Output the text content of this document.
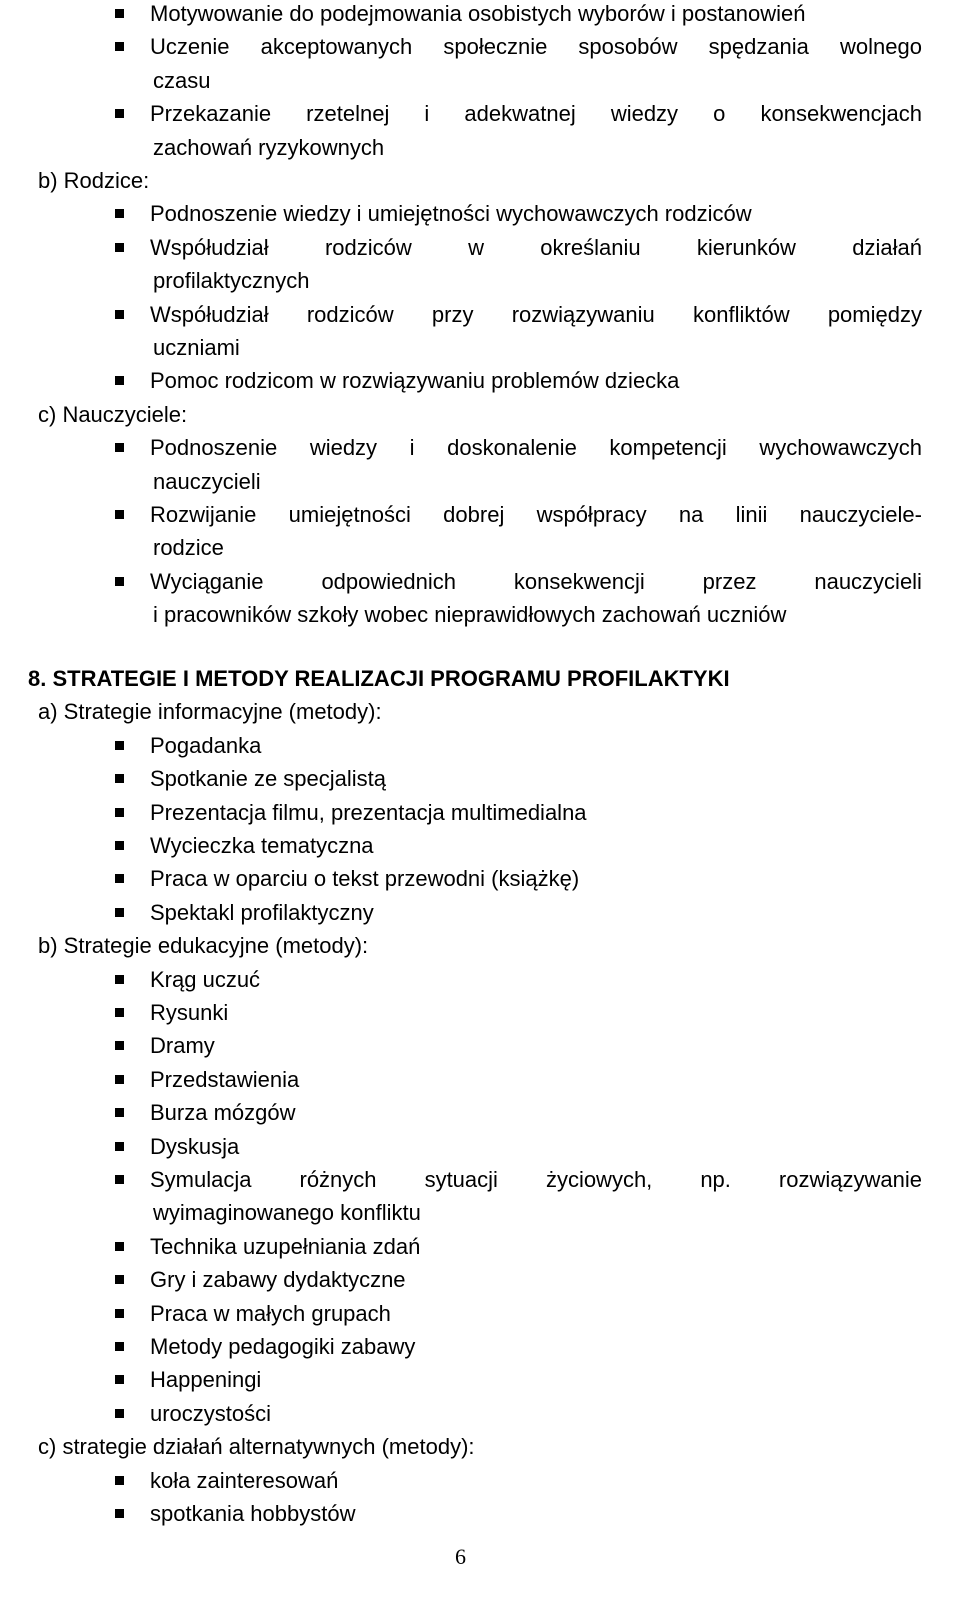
Motywowanie do podejmowania osobistych wyborów i postanowień
Uczenie akceptowanych społecznie sposobów spędzania wolnego
czasu
Przekazanie rzetelnej i adekwatnej wiedzy o konsekwencjach
zachowań ryzykownych
b) Rodzice:
Podnoszenie wiedzy i umiejętności wychowawczych rodziców
Współudział	rodziców	w	określaniu	kierunków	działań
profilaktycznych
Współudział rodziców przy rozwiązywaniu konfliktów pomiędzy
uczniami
Pomoc rodzicom w rozwiązywaniu problemów dziecka
c) Nauczyciele:
Podnoszenie wiedzy i doskonalenie kompetencji wychowawczych
nauczycieli
Rozwijanie umiejętności dobrej współpracy na linii nauczyciele-
rodzice
Wyciąganie	odpowiednich	konsekwencji	przez	nauczycieli
i pracowników szkoły wobec nieprawidłowych zachowań uczniów
8. STRATEGIE I METODY REALIZACJI PROGRAMU PROFILAKTYKI
a) Strategie informacyjne (metody):
Pogadanka
Spotkanie ze specjalistą
Prezentacja filmu, prezentacja multimedialna
Wycieczka tematyczna
Praca w oparciu o tekst przewodni (książkę)
Spektakl profilaktyczny
b) Strategie edukacyjne (metody):
Krąg uczuć
Rysunki
Dramy
Przedstawienia
Burza mózgów
Dyskusja
Symulacja różnych sytuacji życiowych, np. rozwiązywanie
wyimaginowanego konfliktu
Technika uzupełniania zdań
Gry i zabawy dydaktyczne
Praca w małych grupach
Metody pedagogiki zabawy
Happeningi
uroczystości
c) strategie działań alternatywnych (metody):
koła zainteresowań
spotkania hobbystów
6
